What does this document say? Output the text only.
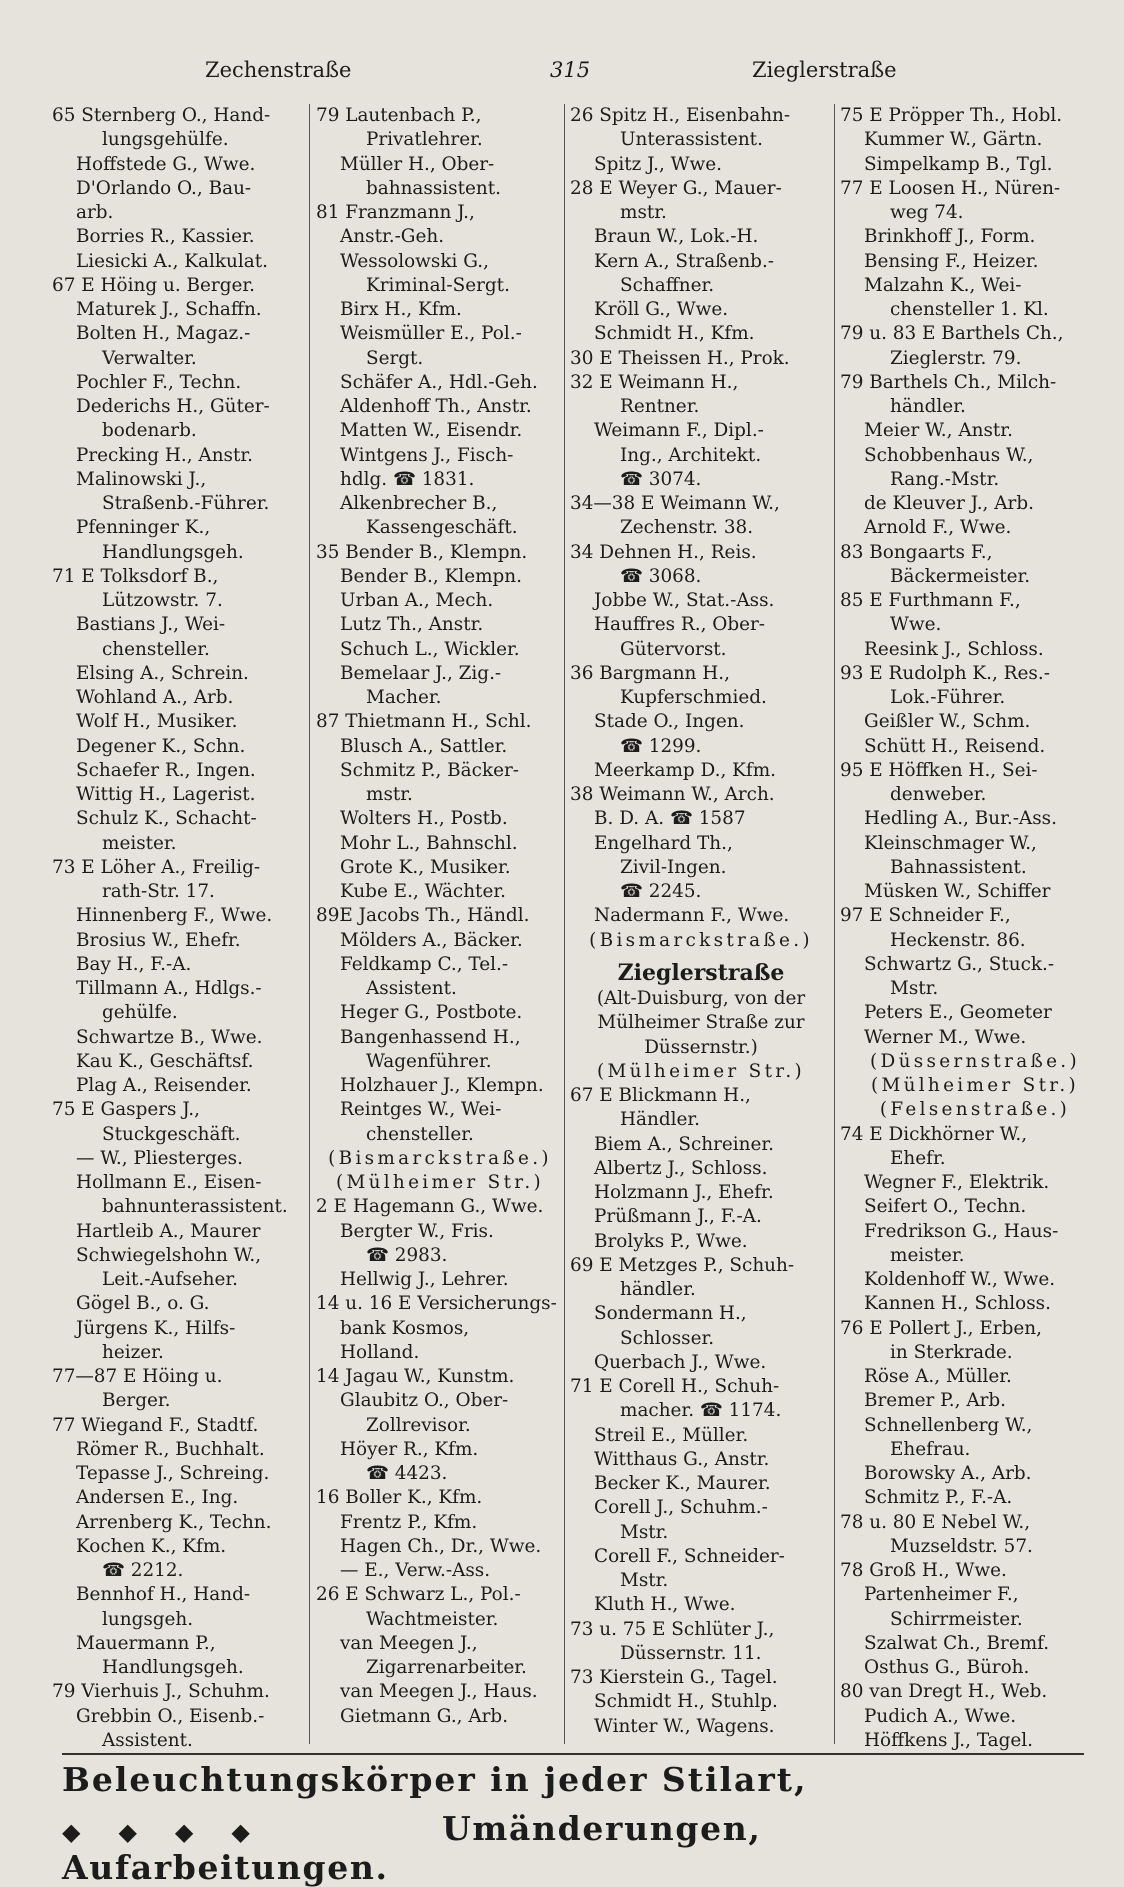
Zechenstraße	315	Zieglerstraße
65 Sternberg O., Hand-
lungsgehülfe.
Hoffstede G., Wwe.
D'Orlando O., Bau-
arb.
Borries R., Kassier.
Liesicki A., Kalkulat.
67 E Höing u. Berger.
Maturek J., Schaffn.
Bolten H., Magaz.-
Verwalter.
Pochler F., Techn.
Dederichs H., Güter-
bodenarb.
Precking H., Anstr.
Malinowski J.,
Straßenb.-Führer.
Pfenninger K.,
Handlungsgeh.
71 E Tolksdorf B.,
Lützowstr. 7.
Bastians J., Wei-
chensteller.
Elsing A., Schrein.
Wohland A., Arb.
Wolf H., Musiker.
Degener K., Schn.
Schaefer R., Ingen.
Wittig H., Lagerist.
Schulz K., Schacht-
meister.
73 E Löher A., Freilig-
rath-Str. 17.
Hinnenberg F., Wwe.
Brosius W., Ehefr.
Bay H., F.-A.
Tillmann A., Hdlgs.-
gehülfe.
Schwartze B., Wwe.
Kau K., Geschäftsf.
Plag A., Reisender.
75 E Gaspers J.,
Stuckgeschäft.
— W., Pliesterges.
Hollmann E., Eisen-
bahnunterassistent.
Hartleib A., Maurer
Schwiegelshohn W.,
Leit.-Aufseher.
Gögel B., o. G.
Jürgens K., Hilfs-
heizer.
77—87 E Höing u.
Berger.
77 Wiegand F., Stadtf.
Römer R., Buchhalt.
Tepasse J., Schreing.
Andersen E., Ing.
Arrenberg K., Techn.
Kochen K., Kfm.
☎ 2212.
Bennhof H., Hand-
lungsgeh.
Mauermann P.,
Handlungsgeh.
79 Vierhuis J., Schuhm.
Grebbin O., Eisenb.-
Assistent.
79 Lautenbach P.,
Privatlehrer.
Müller H., Ober-
bahnassistent.
81 Franzmann J.,
Anstr.-Geh.
Wessolowski G.,
Kriminal-Sergt.
Birx H., Kfm.
Weismüller E., Pol.-
Sergt.
Schäfer A., Hdl.-Geh.
Aldenhoff Th., Anstr.
Matten W., Eisendr.
Wintgens J., Fisch-
hdlg. ☎ 1831.
Alkenbrecher B.,
Kassengeschäft.
35 Bender B., Klempn.
Bender B., Klempn.
Urban A., Mech.
Lutz Th., Anstr.
Schuch L., Wickler.
Bemelaar J., Zig.-
Macher.
87 Thietmann H., Schl.
Blusch A., Sattler.
Schmitz P., Bäcker-
mstr.
Wolters H., Postb.
Mohr L., Bahnschl.
Grote K., Musiker.
Kube E., Wächter.
89E Jacobs Th., Händl.
Mölders A., Bäcker.
Feldkamp C., Tel.-
Assistent.
Heger G., Postbote.
Bangenhassend H.,
Wagenführer.
Holzhauer J., Klempn.
Reintges W., Wei-
chensteller.
(Bismarckstraße.)
(Mülheimer Str.)
2 E Hagemann G., Wwe.
Bergter W., Fris.
☎ 2983.
Hellwig J., Lehrer.
14 u. 16 E Versicherungs-
bank Kosmos,
Holland.
14 Jagau W., Kunstm.
Glaubitz O., Ober-
Zollrevisor.
Höyer R., Kfm.
☎ 4423.
16 Boller K., Kfm.
Frentz P., Kfm.
Hagen Ch., Dr., Wwe.
— E., Verw.-Ass.
26 E Schwarz L., Pol.-
Wachtmeister.
van Meegen J.,
Zigarrenarbeiter.
van Meegen J., Haus.
Gietmann G., Arb.
26 Spitz H., Eisenbahn-
Unterassistent.
Spitz J., Wwe.
28 E Weyer G., Mauer-
mstr.
Braun W., Lok.-H.
Kern A., Straßenb.-
Schaffner.
Kröll G., Wwe.
Schmidt H., Kfm.
30 E Theissen H., Prok.
32 E Weimann H.,
Rentner.
Weimann F., Dipl.-
Ing., Architekt.
☎ 3074.
34—38 E Weimann W.,
Zechenstr. 38.
34 Dehnen H., Reis.
☎ 3068.
Jobbe W., Stat.-Ass.
Hauffres R., Ober-
Gütervorst.
36 Bargmann H.,
Kupferschmied.
Stade O., Ingen.
☎ 1299.
Meerkamp D., Kfm.
38 Weimann W., Arch.
B. D. A. ☎ 1587
Engelhard Th.,
Zivil-Ingen.
☎ 2245.
Nadermann F., Wwe.
(Bismarckstraße.)
Zieglerstraße
(Alt-Duisburg, von der
Mülheimer Straße zur
Düssernstr.)
(Mülheimer Str.)
67 E Blickmann H.,
Händler.
Biem A., Schreiner.
Albertz J., Schloss.
Holzmann J., Ehefr.
Prüßmann J., F.-A.
Brolyks P., Wwe.
69 E Metzges P., Schuh-
händler.
Sondermann H.,
Schlosser.
Querbach J., Wwe.
71 E Corell H., Schuh-
macher. ☎ 1174.
Streil E., Müller.
Witthaus G., Anstr.
Becker K., Maurer.
Corell J., Schuhm.-
Mstr.
Corell F., Schneider-
Mstr.
Kluth H., Wwe.
73 u. 75 E Schlüter J.,
Düssernstr. 11.
73 Kierstein G., Tagel.
Schmidt H., Stuhlp.
Winter W., Wagens.
75 E Pröpper Th., Hobl.
Kummer W., Gärtn.
Simpelkamp B., Tgl.
77 E Loosen H., Nüren-
weg 74.
Brinkhoff J., Form.
Bensing F., Heizer.
Malzahn K., Wei-
chensteller 1. Kl.
79 u. 83 E Barthels Ch.,
Zieglerstr. 79.
79 Barthels Ch., Milch-
händler.
Meier W., Anstr.
Schobbenhaus W.,
Rang.-Mstr.
de Kleuver J., Arb.
Arnold F., Wwe.
83 Bongaarts F.,
Bäckermeister.
85 E Furthmann F.,
Wwe.
Reesink J., Schloss.
93 E Rudolph K., Res.-
Lok.-Führer.
Geißler W., Schm.
Schütt H., Reisend.
95 E Höffken H., Sei-
denweber.
Hedling A., Bur.-Ass.
Kleinschmager W.,
Bahnassistent.
Müsken W., Schiffer
97 E Schneider F.,
Heckenstr. 86.
Schwartz G., Stuck.-
Mstr.
Peters E., Geometer
Werner M., Wwe.
(Düssernstraße.)
(Mülheimer Str.)
(Felsenstraße.)
74 E Dickhörner W.,
Ehefr.
Wegner F., Elektrik.
Seifert O., Techn.
Fredrikson G., Haus-
meister.
Koldenhoff W., Wwe.
Kannen H., Schloss.
76 E Pollert J., Erben,
in Sterkrade.
Röse A., Müller.
Bremer P., Arb.
Schnellenberg W.,
Ehefrau.
Borowsky A., Arb.
Schmitz P., F.-A.
78 u. 80 E Nebel W.,
Muzseldstr. 57.
78 Groß H., Wwe.
Partenheimer F.,
Schirrmeister.
Szalwat Ch., Bremf.
Osthus G., Büroh.
80 van Dregt H., Web.
Pudich A., Wwe.
Höffkens J., Tagel.
Beleuchtungskörper in jeder Stilart,
◆◆◆◆	Umänderungen, Aufarbeitungen.
